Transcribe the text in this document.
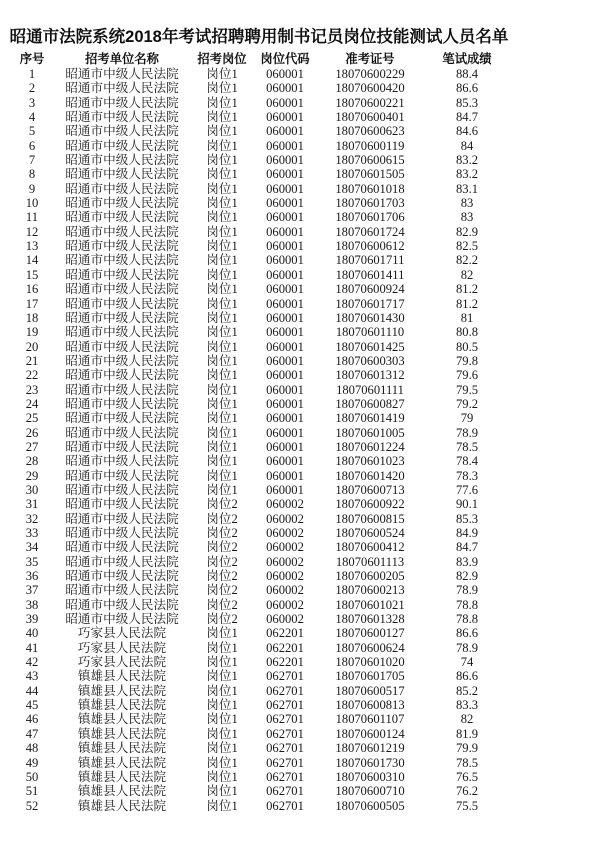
昭通市法院系统2018年考试招聘聘用制书记员岗位技能测试人员名单
序号	招考单位名称	招考岗位	岗位代码	准考证号	笔试成绩
1	昭通市中级人民法院	岗位1	060001	18070600229	88.4
2	昭通市中级人民法院	岗位1	060001	18070600420	86.6
3	昭通市中级人民法院	岗位1	060001	18070600221	85.3
4	昭通市中级人民法院	岗位1	060001	18070600401	84.7
5	昭通市中级人民法院	岗位1	060001	18070600623	84.6
6	昭通市中级人民法院	岗位1	060001	18070600119	84
7	昭通市中级人民法院	岗位1	060001	18070600615	83.2
8	昭通市中级人民法院	岗位1	060001	18070601505	83.2
9	昭通市中级人民法院	岗位1	060001	18070601018	83.1
10	昭通市中级人民法院	岗位1	060001	18070601703	83
11	昭通市中级人民法院	岗位1	060001	18070601706	83
12	昭通市中级人民法院	岗位1	060001	18070601724	82.9
13	昭通市中级人民法院	岗位1	060001	18070600612	82.5
14	昭通市中级人民法院	岗位1	060001	18070601711	82.2
15	昭通市中级人民法院	岗位1	060001	18070601411	82
16	昭通市中级人民法院	岗位1	060001	18070600924	81.2
17	昭通市中级人民法院	岗位1	060001	18070601717	81.2
18	昭通市中级人民法院	岗位1	060001	18070601430	81
19	昭通市中级人民法院	岗位1	060001	18070601110	80.8
20	昭通市中级人民法院	岗位1	060001	18070601425	80.5
21	昭通市中级人民法院	岗位1	060001	18070600303	79.8
22	昭通市中级人民法院	岗位1	060001	18070601312	79.6
23	昭通市中级人民法院	岗位1	060001	18070601111	79.5
24	昭通市中级人民法院	岗位1	060001	18070600827	79.2
25	昭通市中级人民法院	岗位1	060001	18070601419	79
26	昭通市中级人民法院	岗位1	060001	18070601005	78.9
27	昭通市中级人民法院	岗位1	060001	18070601224	78.5
28	昭通市中级人民法院	岗位1	060001	18070601023	78.4
29	昭通市中级人民法院	岗位1	060001	18070601420	78.3
30	昭通市中级人民法院	岗位1	060001	18070600713	77.6
31	昭通市中级人民法院	岗位2	060002	18070600922	90.1
32	昭通市中级人民法院	岗位2	060002	18070600815	85.3
33	昭通市中级人民法院	岗位2	060002	18070600524	84.9
34	昭通市中级人民法院	岗位2	060002	18070600412	84.7
35	昭通市中级人民法院	岗位2	060002	18070601113	83.9
36	昭通市中级人民法院	岗位2	060002	18070600205	82.9
37	昭通市中级人民法院	岗位2	060002	18070600213	78.9
38	昭通市中级人民法院	岗位2	060002	18070601021	78.8
39	昭通市中级人民法院	岗位2	060002	18070601328	78.8
40	巧家县人民法院	岗位1	062201	18070600127	86.6
41	巧家县人民法院	岗位1	062201	18070600624	78.9
42	巧家县人民法院	岗位1	062201	18070601020	74
43	镇雄县人民法院	岗位1	062701	18070601705	86.6
44	镇雄县人民法院	岗位1	062701	18070600517	85.2
45	镇雄县人民法院	岗位1	062701	18070600813	83.3
46	镇雄县人民法院	岗位1	062701	18070601107	82
47	镇雄县人民法院	岗位1	062701	18070600124	81.9
48	镇雄县人民法院	岗位1	062701	18070601219	79.9
49	镇雄县人民法院	岗位1	062701	18070601730	78.5
50	镇雄县人民法院	岗位1	062701	18070600310	76.5
51	镇雄县人民法院	岗位1	062701	18070600710	76.2
52	镇雄县人民法院	岗位1	062701	18070600505	75.5
